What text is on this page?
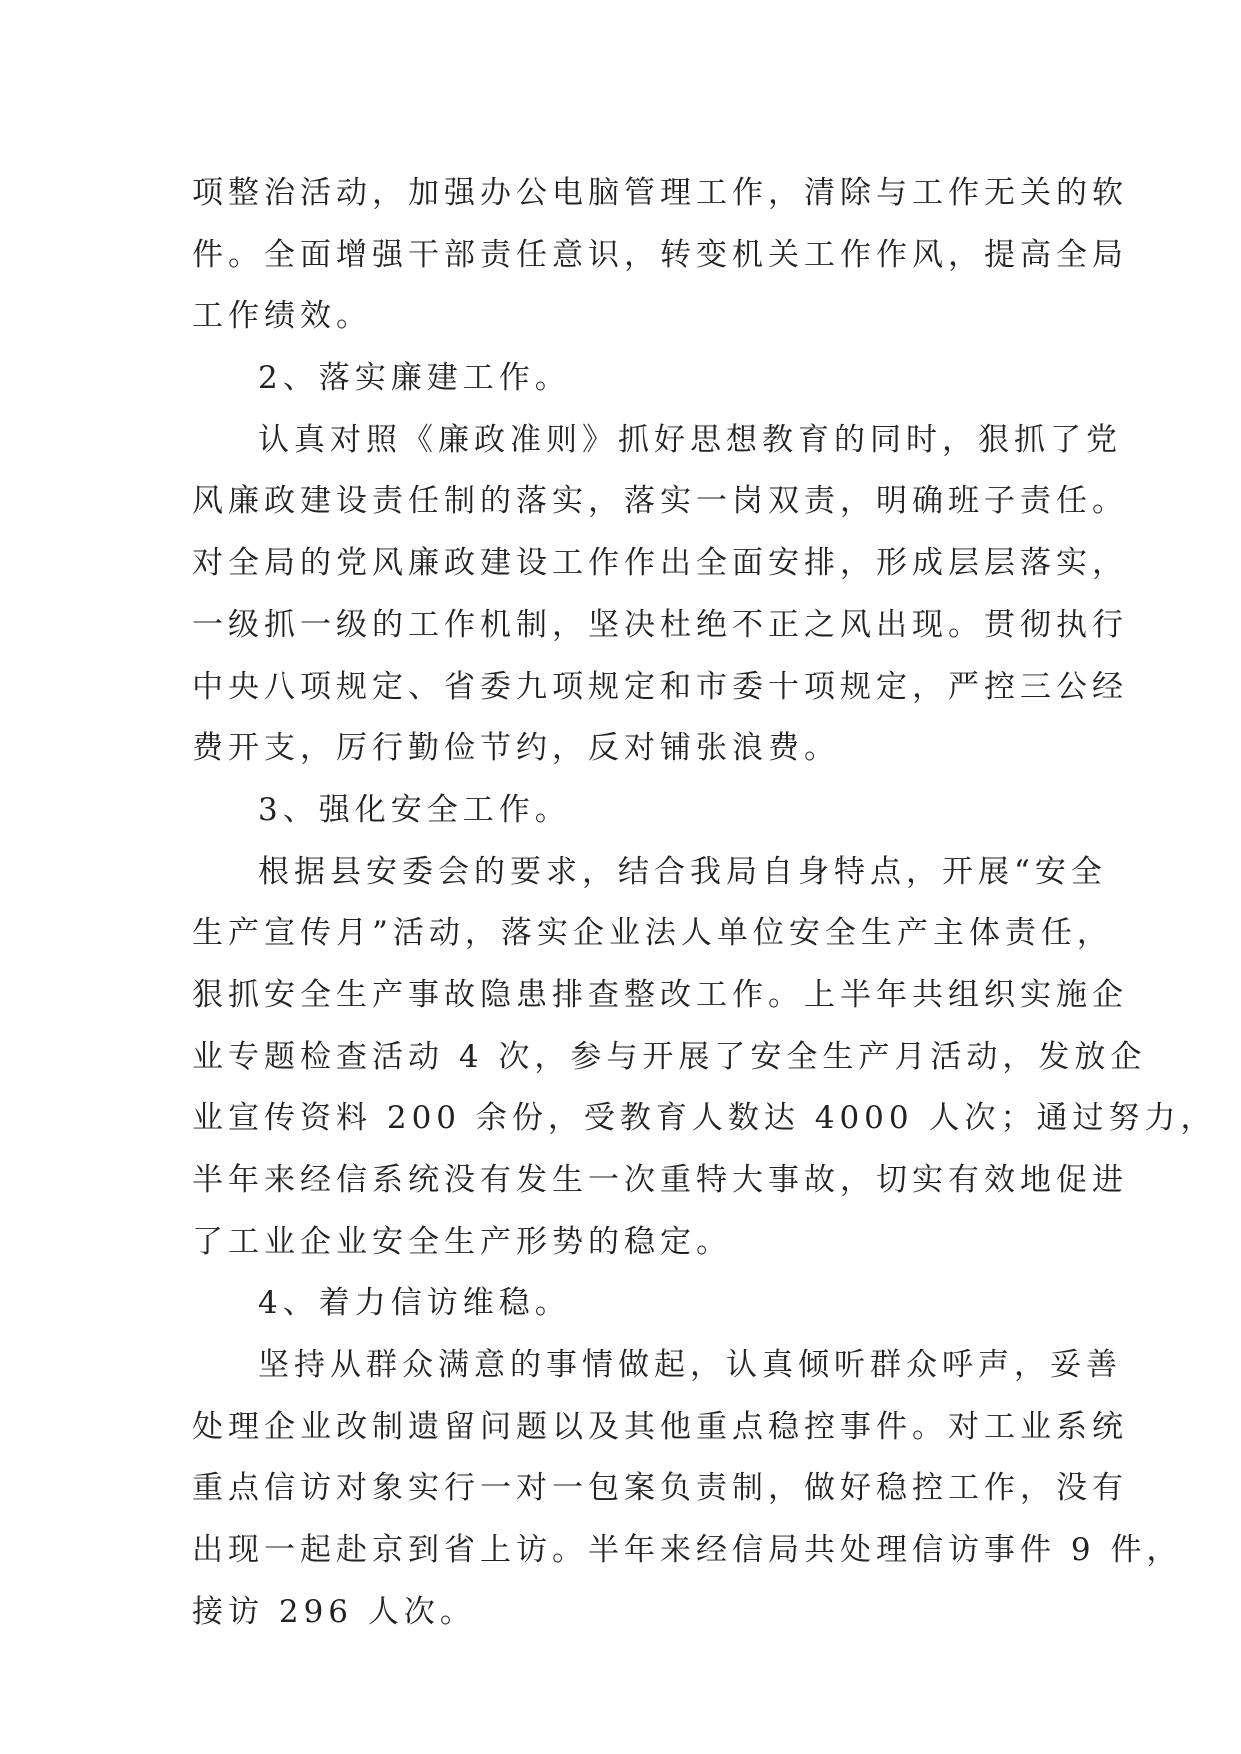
项整治活动，加强办公电脑管理工作，清除与工作无关的软
件。全面增强干部责任意识，转变机关工作作风，提高全局
工作绩效。
2、落实廉建工作。
认真对照《廉政准则》抓好思想教育的同时，狠抓了党
风廉政建设责任制的落实，落实一岗双责，明确班子责任。
对全局的党风廉政建设工作作出全面安排，形成层层落实，
一级抓一级的工作机制，坚决杜绝不正之风出现。贯彻执行
中央八项规定、省委九项规定和市委十项规定，严控三公经
费开支，厉行勤俭节约，反对铺张浪费。
3、强化安全工作。
根据县安委会的要求，结合我局自身特点，开展“安全
生产宣传月”活动，落实企业法人单位安全生产主体责任，
狠抓安全生产事故隐患排查整改工作。上半年共组织实施企
业专题检查活动 4 次，参与开展了安全生产月活动，发放企
业宣传资料 200 余份，受教育人数达 4000 人次；通过努力，
半年来经信系统没有发生一次重特大事故，切实有效地促进
了工业企业安全生产形势的稳定。
4、着力信访维稳。
坚持从群众满意的事情做起，认真倾听群众呼声，妥善
处理企业改制遗留问题以及其他重点稳控事件。对工业系统
重点信访对象实行一对一包案负责制，做好稳控工作，没有
出现一起赴京到省上访。半年来经信局共处理信访事件 9 件，
接访 296 人次。
